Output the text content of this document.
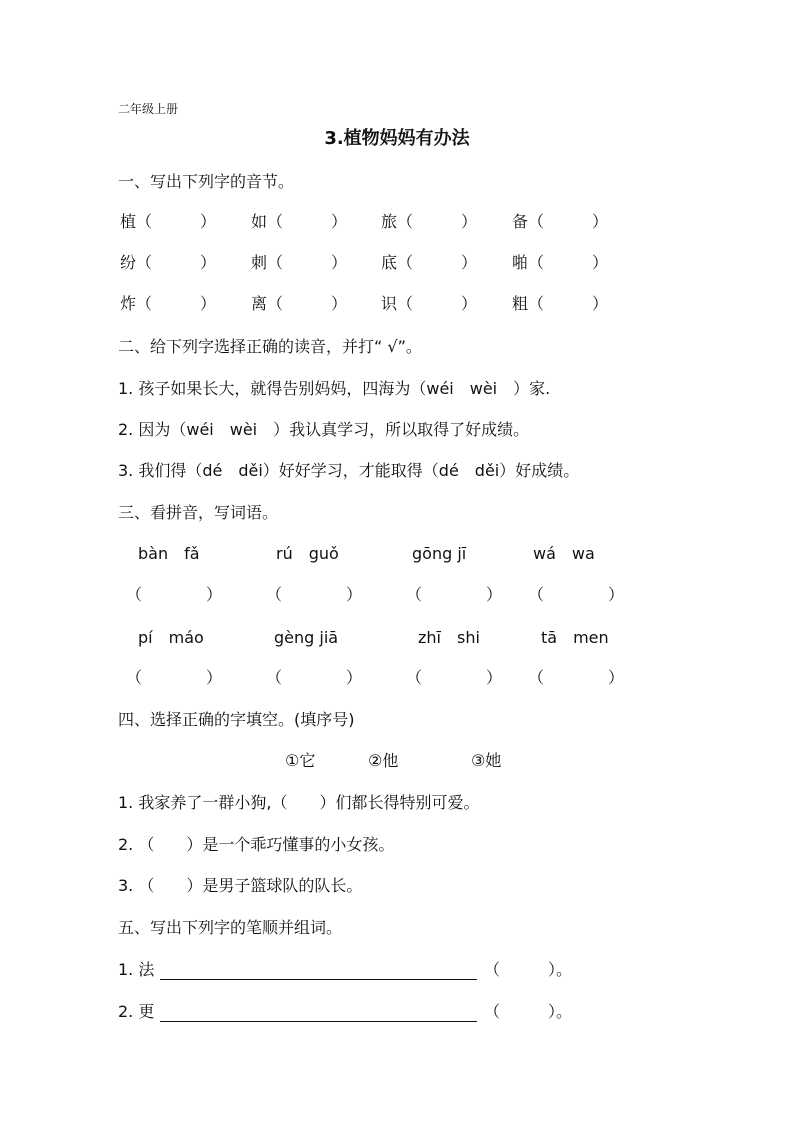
二年级上册
3.植物妈妈有办法
一、写出下列字的音节。
植（　　　） 如（　　　） 旅（　　　） 备（　　　）
纷（　　　） 刺（　　　） 底（　　　） 啪（　　　）
炸（　　　） 离（　　　） 识（　　　） 粗（　　　）
二、给下列字选择正确的读音，并打“ √”。
1. 孩子如果长大，就得告别妈妈，四海为（wéi　wèi　）家.
2. 因为（wéi　wèi　）我认真学习，所以取得了好成绩。
3. 我们得（dé　děi）好好学习，才能取得（dé　děi）好成绩。
三、看拼音，写词语。
bàn　fǎ	rú　guǒ	gōng jī	wá　wa
（　　　　）	（　　　　）	（　　　　） （　　　　）
pí　máo	gèng jiā	zhī　shi	tā　men
（　　　　）	（　　　　）	（　　　　） （　　　　）
四、选择正确的字填空。(填序号)
①它	②他	③她
1. 我家养了一群小狗,（　　）们都长得特别可爱。
2. （　　）是一个乖巧懂事的小女孩。
3. （　　）是男子篮球队的队长。
五、写出下列字的笔顺并组词。
1. 法	（　　　）。
2. 更	（　　　）。
